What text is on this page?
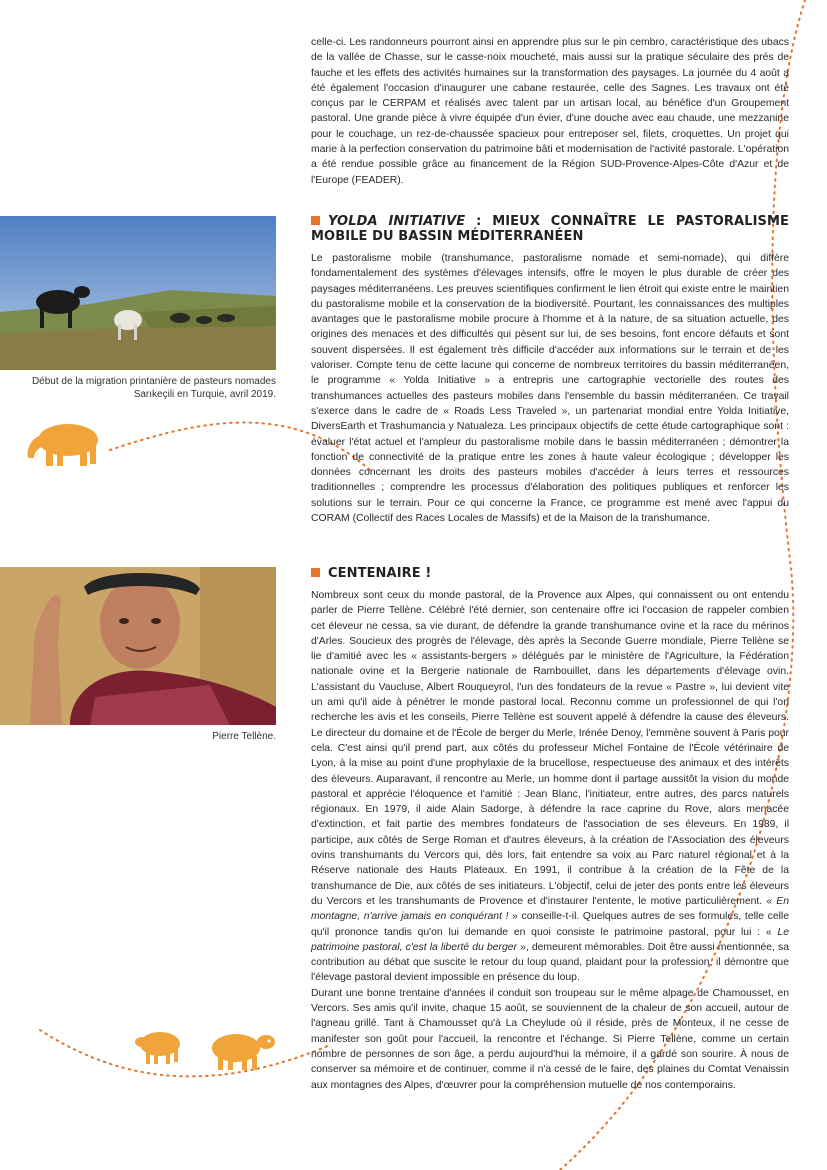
Début de la migration printanière de pasteurs nomades Sarıkeçili en Turquie, avril 2019.
Pierre Tellène.

celle-ci. Les randonneurs pourront ainsi en apprendre plus sur le pin cembro, caractéristique des ubacs de la vallée de Chasse, sur le casse-noix moucheté, mais aussi sur la pratique séculaire des prés de fauche et les effets des activités humaines sur la transformation des paysages. La journée du 4 août a été également l'occasion d'inaugurer une cabane restaurée, celle des Sagnes. Les travaux ont été conçus par le CERPAM et réalisés avec talent par un artisan local, au bénéfice d'un Groupement pastoral. Une grande pièce à vivre équipée d'un évier, d'une douche avec eau chaude, une mezzanine pour le couchage, un rez-de-chaussée spacieux pour entreposer sel, filets, croquettes. Un projet qui marie à la perfection conservation du patrimoine bâti et modernisation de l'activité pastorale. L'opération a été rendue possible grâce au financement de la Région SUD-Provence-Alpes-Côte d'Azur et de l'Europe (FEADER).

YOLDA INITIATIVE : MIEUX CONNAÎTRE LE PASTORALISME MOBILE DU BASSIN MÉDITERRANÉEN

Le pastoralisme mobile (transhumance, pastoralisme nomade et semi-nomade), qui diffère fondamentalement des systèmes d'élevages intensifs, offre le moyen le plus durable de créer des paysages méditerranéens. Les preuves scientifiques confirment le lien étroit qui existe entre le maintien du pastoralisme mobile et la conservation de la biodiversité. Pourtant, les connaissances des multiples avantages que le pastoralisme mobile procure à l'homme et à la nature, de sa situation actuelle, des origines des menaces et des difficultés qui pèsent sur lui, de ses besoins, font encore défauts et sont souvent dispersées. Il est également très difficile d'accéder aux informations sur le terrain et de les valoriser. Compte tenu de cette lacune qui concerne de nombreux territoires du bassin méditerranéen, le programme « Yolda Initiative » a entrepris une cartographie vectorielle des routes des transhumances actuelles des pasteurs mobiles dans l'ensemble du bassin méditerranéen. Ce travail s'exerce dans le cadre de « Roads Less Traveled », un partenariat mondial entre Yolda Initiative, DiversEarth et Trashumancia y Natualeza. Les principaux objectifs de cette étude cartographique sont : évaluer l'état actuel et l'ampleur du pastoralisme mobile dans le bassin méditerranéen ; démontrer la fonction de connectivité de la pratique entre les zones à haute valeur écologique ; développer les données concernant les droits des pasteurs mobiles d'accéder à leurs terres et ressources traditionnelles ; comprendre les processus d'élaboration des politiques publiques et renforcer les solutions sur le terrain. Pour ce qui concerne la France, ce programme est mené avec l'appui du CORAM (Collectif des Races Locales de Massifs) et de la Maison de la transhumance.

CENTENAIRE !

Nombreux sont ceux du monde pastoral, de la Provence aux Alpes, qui connaissent ou ont entendu parler de Pierre Tellène. Célébré l'été dernier, son centenaire offre ici l'occasion de rappeler combien cet éleveur ne cessa, sa vie durant, de défendre la grande transhumance ovine et la race du mérinos d'Arles. Soucieux des progrès de l'élevage, dès après la Seconde Guerre mondiale, Pierre Tellène se lie d'amitié avec les « assistants-bergers » délégués par le ministère de l'Agriculture, la Fédération nationale ovine et la Bergerie nationale de Rambouillet, dans les départements d'élevage ovin. L'assistant du Vaucluse, Albert Rouqueyrol, l'un des fondateurs de la revue « Pastre », lui devient vite un ami qu'il aide à pénétrer le monde pastoral local. Reconnu comme un professionnel de qui l'on recherche les avis et les conseils, Pierre Tellène est souvent appelé à défendre la cause des éleveurs. Le directeur du domaine et de l'École de berger du Merle, Irénée Denoy, l'emmène souvent à Paris pour cela. C'est ainsi qu'il prend part, aux côtés du professeur Michel Fontaine de l'École vétérinaire de Lyon, à la mise au point d'une prophylaxie de la brucellose, respectueuse des animaux et des intérêts des éleveurs. Auparavant, il rencontre au Merle, un homme dont il partage aussitôt la vision du monde pastoral et apprécie l'éloquence et l'amitié : Jean Blanc, l'initiateur, entre autres, des parcs naturels régionaux. En 1979, il aide Alain Sadorge, à défendre la race caprine du Rove, alors menacée d'extinction, et fait partie des membres fondateurs de l'association de ses éleveurs. En 1989, il participe, aux côtés de Serge Roman et d'autres éleveurs, à la création de l'Association des éleveurs ovins transhumants du Vercors qui, dès lors, fait entendre sa voix au Parc naturel régional et à la Réserve nationale des Hauts Plateaux. En 1991, il contribue à la création de la Fête de la transhumance de Die, aux côtés de ses initiateurs. L'objectif, celui de jeter des ponts entre les éleveurs du Vercors et les transhumants de Provence et d'instaurer l'entente, le motive particulièrement. « En montagne, n'arrive jamais en conquérant ! » conseille-t-il. Quelques autres de ses formules, telle celle qu'il prononce tandis qu'on lui demande en quoi consiste le patrimoine pastoral, pour lui : « Le patrimoine pastoral, c'est la liberté du berger », demeurent mémorables. Doit être aussi mentionnée, sa contribution au débat que suscite le retour du loup quand, plaidant pour la profession, il démontre que l'élevage pastoral devient impossible en présence du loup.

Durant une bonne trentaine d'années il conduit son troupeau sur le même alpage de Chamousset, en Vercors. Ses amis qu'il invite, chaque 15 août, se souviennent de la chaleur de son accueil, autour de l'agneau grillé. Tant à Chamousset qu'à La Cheylude où il réside, près de Monteux, il ne cesse de manifester son goût pour l'accueil, la rencontre et l'échange. Si Pierre Tellène, comme un certain nombre de personnes de son âge, a perdu aujourd'hui la mémoire, il a gardé son sourire. À nous de conserver sa mémoire et de continuer, comme il n'a cessé de le faire, des plaines du Comtat Venaissin aux montagnes des Alpes, d'œuvrer pour la compréhension mutuelle de nos contemporains.
